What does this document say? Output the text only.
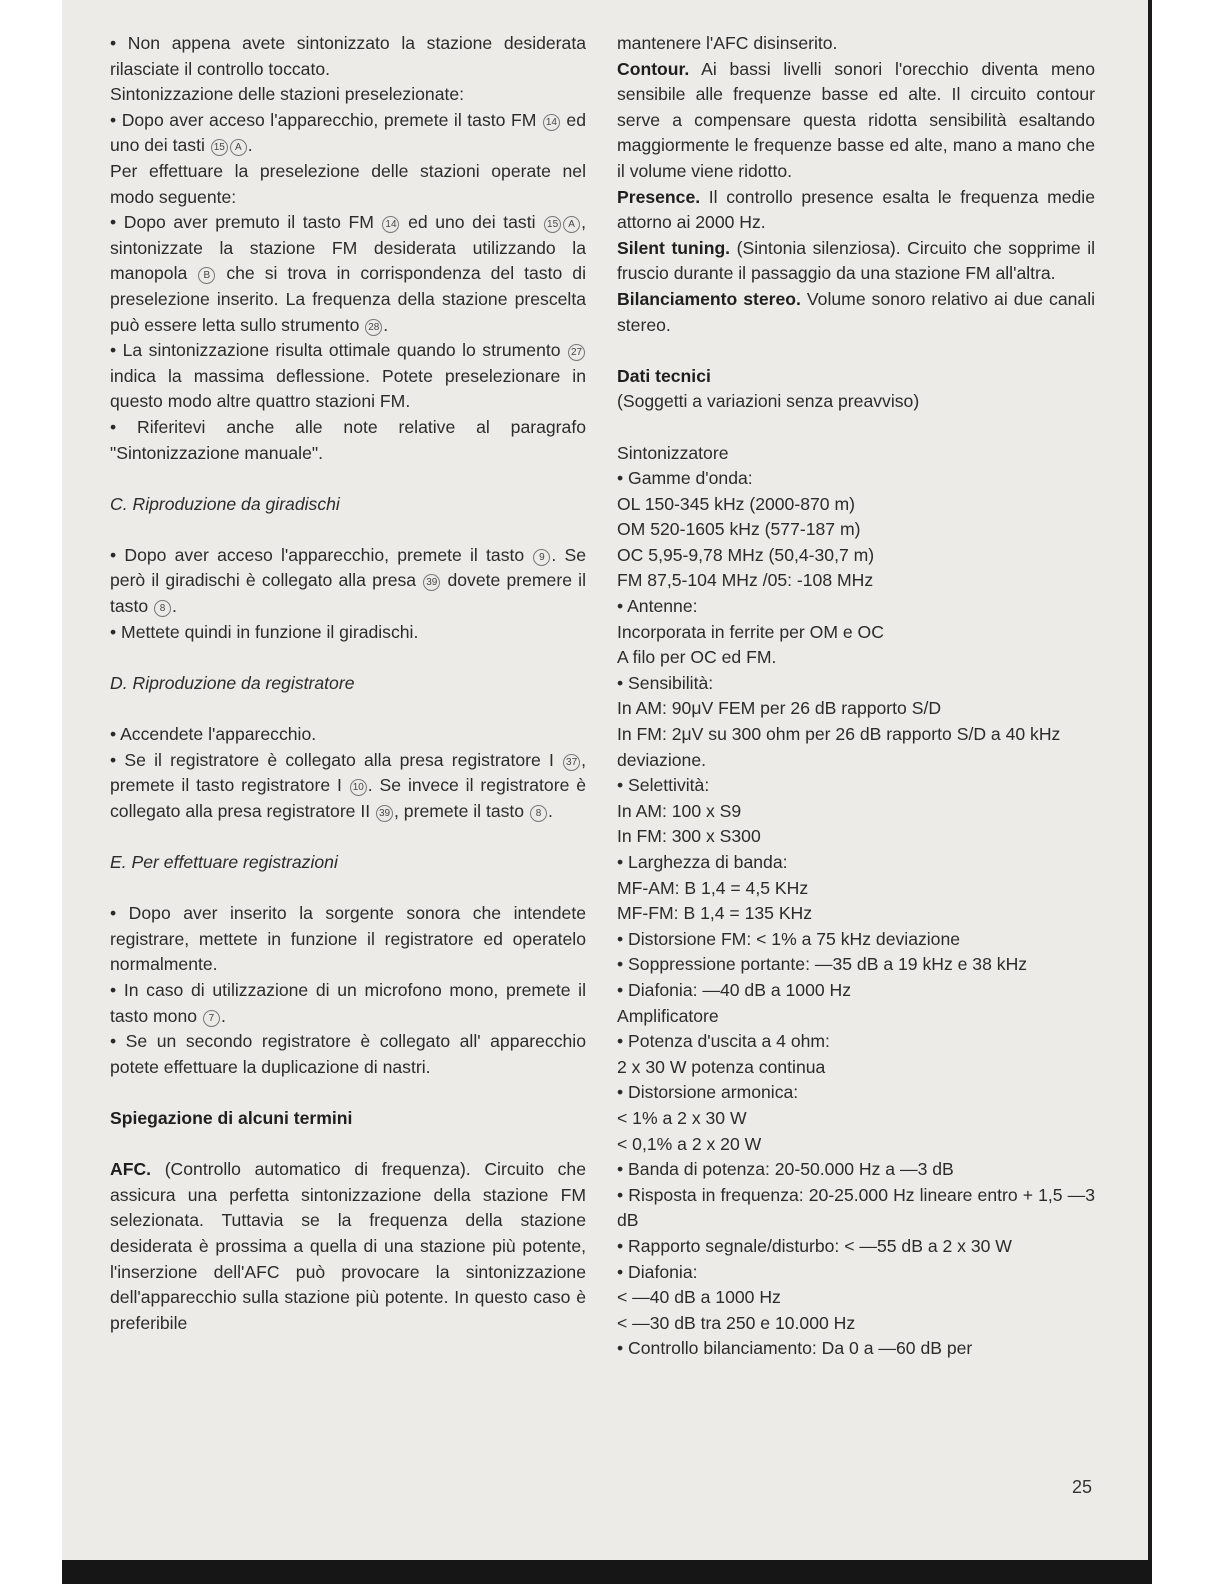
• Non appena avete sintonizzato la stazione desiderata rilasciate il controllo toccato.

Sintonizzazione delle stazioni preselezionate:

• Dopo aver acceso l'apparecchio, premete il tasto FM 14 ed uno dei tasti 15 A .

Per effettuare la preselezione delle stazioni operate nel modo seguente:

• Dopo aver premuto il tasto FM 14 ed uno dei tasti 15 A , sintonizzate la stazione FM desiderata utilizzando la manopola B che si trova in corrispondenza del tasto di preselezione inserito. La frequenza della stazione prescelta può essere letta sullo strumento 28 .

• La sintonizzazione risulta ottimale quando lo strumento 27 indica la massima deflessione. Potete preselezionare in questo modo altre quattro stazioni FM.

• Riferitevi anche alle note relative al paragrafo "Sintonizzazione manuale".

C. Riproduzione da giradischi

• Dopo aver acceso l'apparecchio, premete il tasto 9 . Se però il giradischi è collegato alla presa 39 dovete premere il tasto 8 .

• Mettete quindi in funzione il giradischi.

D. Riproduzione da registratore

• Accendete l'apparecchio.

• Se il registratore è collegato alla presa registratore I 37 , premete il tasto registratore I 10 . Se invece il registratore è collegato alla presa registratore II 39 , premete il tasto 8 .

E. Per effettuare registrazioni

• Dopo aver inserito la sorgente sonora che intendete registrare, mettete in funzione il registratore ed operatelo normalmente.

• In caso di utilizzazione di un microfono mono, premete il tasto mono 7 .

• Se un secondo registratore è collegato all' apparecchio potete effettuare la duplicazione di nastri.

Spiegazione di alcuni termini

AFC. (Controllo automatico di frequenza). Circuito che assicura una perfetta sintonizzazione della stazione FM selezionata. Tuttavia se la frequenza della stazione desiderata è prossima a quella di una stazione più potente, l'inserzione dell'AFC può provocare la sintonizzazione dell'apparecchio sulla stazione più potente. In questo caso è preferibile

mantenere l'AFC disinserito.

Contour. Ai bassi livelli sonori l'orecchio diventa meno sensibile alle frequenze basse ed alte. Il circuito contour serve a compensare questa ridotta sensibilità esaltando maggiormente le frequenze basse ed alte, mano a mano che il volume viene ridotto.

Presence. Il controllo presence esalta le frequenza medie attorno ai 2000 Hz.

Silent tuning. (Sintonia silenziosa). Circuito che sopprime il fruscio durante il passaggio da una stazione FM all'altra.

Bilanciamento stereo. Volume sonoro relativo ai due canali stereo.

Dati tecnici

(Soggetti a variazioni senza preavviso)

Sintonizzatore

• Gamme d'onda:

OL 150-345 kHz (2000-870 m)

OM 520-1605 kHz (577-187 m)

OC 5,95-9,78 MHz (50,4-30,7 m)

FM 87,5-104 MHz /05: -108 MHz

• Antenne:

Incorporata in ferrite per OM e OC

A filo per OC ed FM.

• Sensibilità:

In AM: 90μV FEM per 26 dB rapporto S/D

In FM: 2μV su 300 ohm per 26 dB rapporto S/D a 40 kHz deviazione.

• Selettività:

In AM: 100 x S9

In FM: 300 x S300

• Larghezza di banda:

MF-AM: B 1,4 = 4,5 KHz

MF-FM: B 1,4 = 135 KHz

• Distorsione FM: < 1% a 75 kHz deviazione

• Soppressione portante: —35 dB a 19 kHz e 38 kHz

• Diafonia: —40 dB a 1000 Hz

Amplificatore

• Potenza d'uscita a 4 ohm:

2 x 30 W potenza continua

• Distorsione armonica:

< 1% a 2 x 30 W

< 0,1% a 2 x 20 W

• Banda di potenza: 20-50.000 Hz a —3 dB

• Risposta in frequenza: 20-25.000 Hz lineare entro + 1,5 —3 dB

• Rapporto segnale/disturbo: < —55 dB a 2 x 30 W

• Diafonia:

< —40 dB a 1000 Hz

< —30 dB tra 250 e 10.000 Hz

• Controllo bilanciamento: Da 0 a —60 dB per

25
